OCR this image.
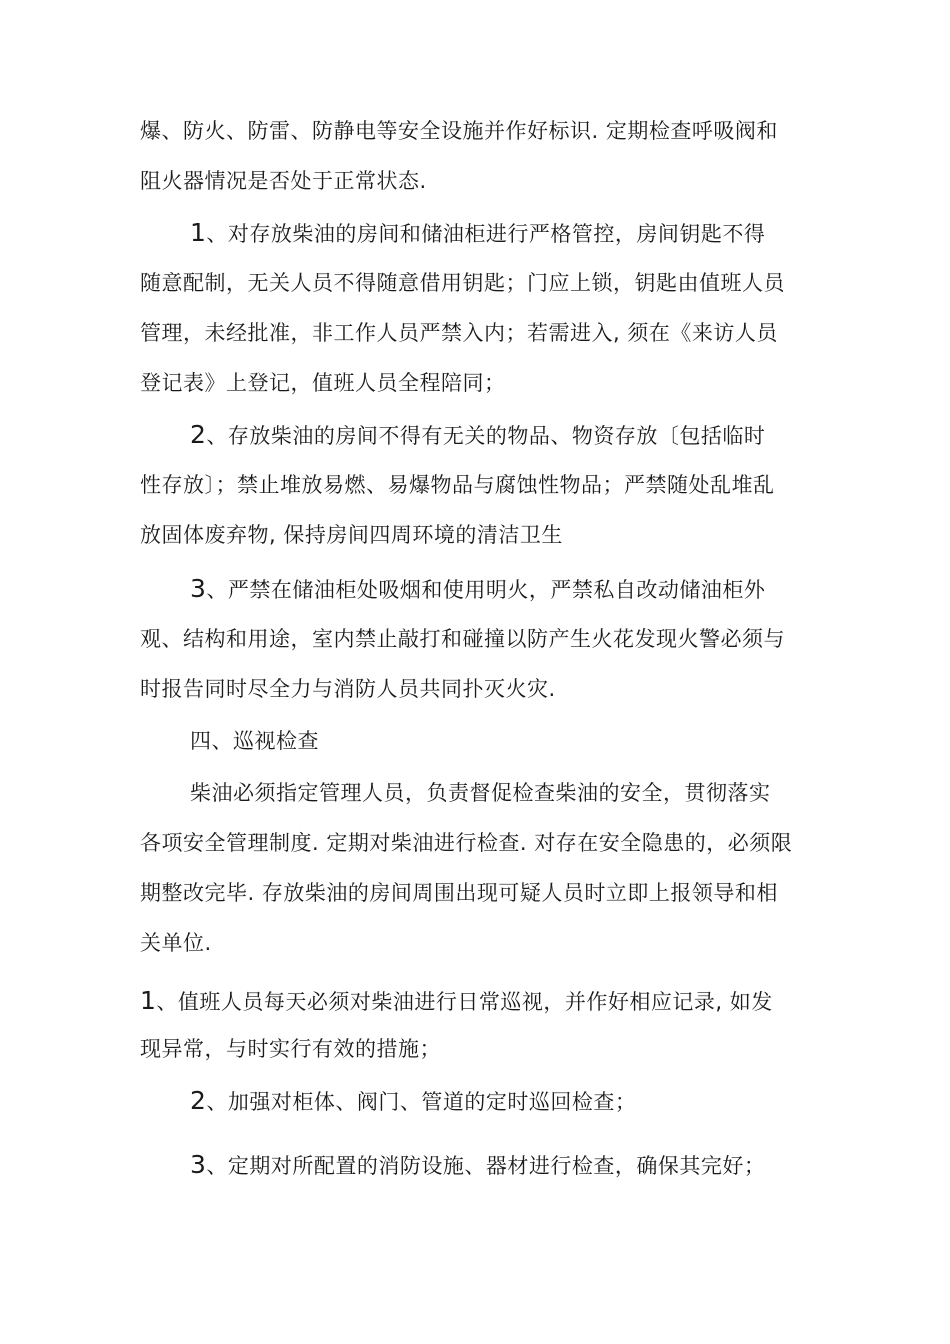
爆、防火、防雷、防静电等安全设施并作好标识. 定期检查呼吸阀和
阻火器情况是否处于正常状态.
1、对存放柴油的房间和储油柜进行严格管控，房间钥匙不得
随意配制，无关人员不得随意借用钥匙；门应上锁，钥匙由值班人员
管理，未经批准，非工作人员严禁入内；若需进入, 须在《来访人员
登记表》上登记，值班人员全程陪同；
2、存放柴油的房间不得有无关的物品、物资存放〔包括临时
性存放〕；禁止堆放易燃、易爆物品与腐蚀性物品；严禁随处乱堆乱
放固体废弃物, 保持房间四周环境的清洁卫生
3、严禁在储油柜处吸烟和使用明火，严禁私自改动储油柜外
观、结构和用途，室内禁止敲打和碰撞以防产生火花发现火警必须与
时报告同时尽全力与消防人员共同扑灭火灾.
四、巡视检查
柴油必须指定管理人员，负责督促检查柴油的安全，贯彻落实
各项安全管理制度. 定期对柴油进行检查. 对存在安全隐患的，必须限
期整改完毕. 存放柴油的房间周围出现可疑人员时立即上报领导和相
关单位.
1、值班人员每天必须对柴油进行日常巡视，并作好相应记录, 如发
现异常，与时实行有效的措施；
2、加强对柜体、阀门、管道的定时巡回检查；
3、定期对所配置的消防设施、器材进行检查，确保其完好；
